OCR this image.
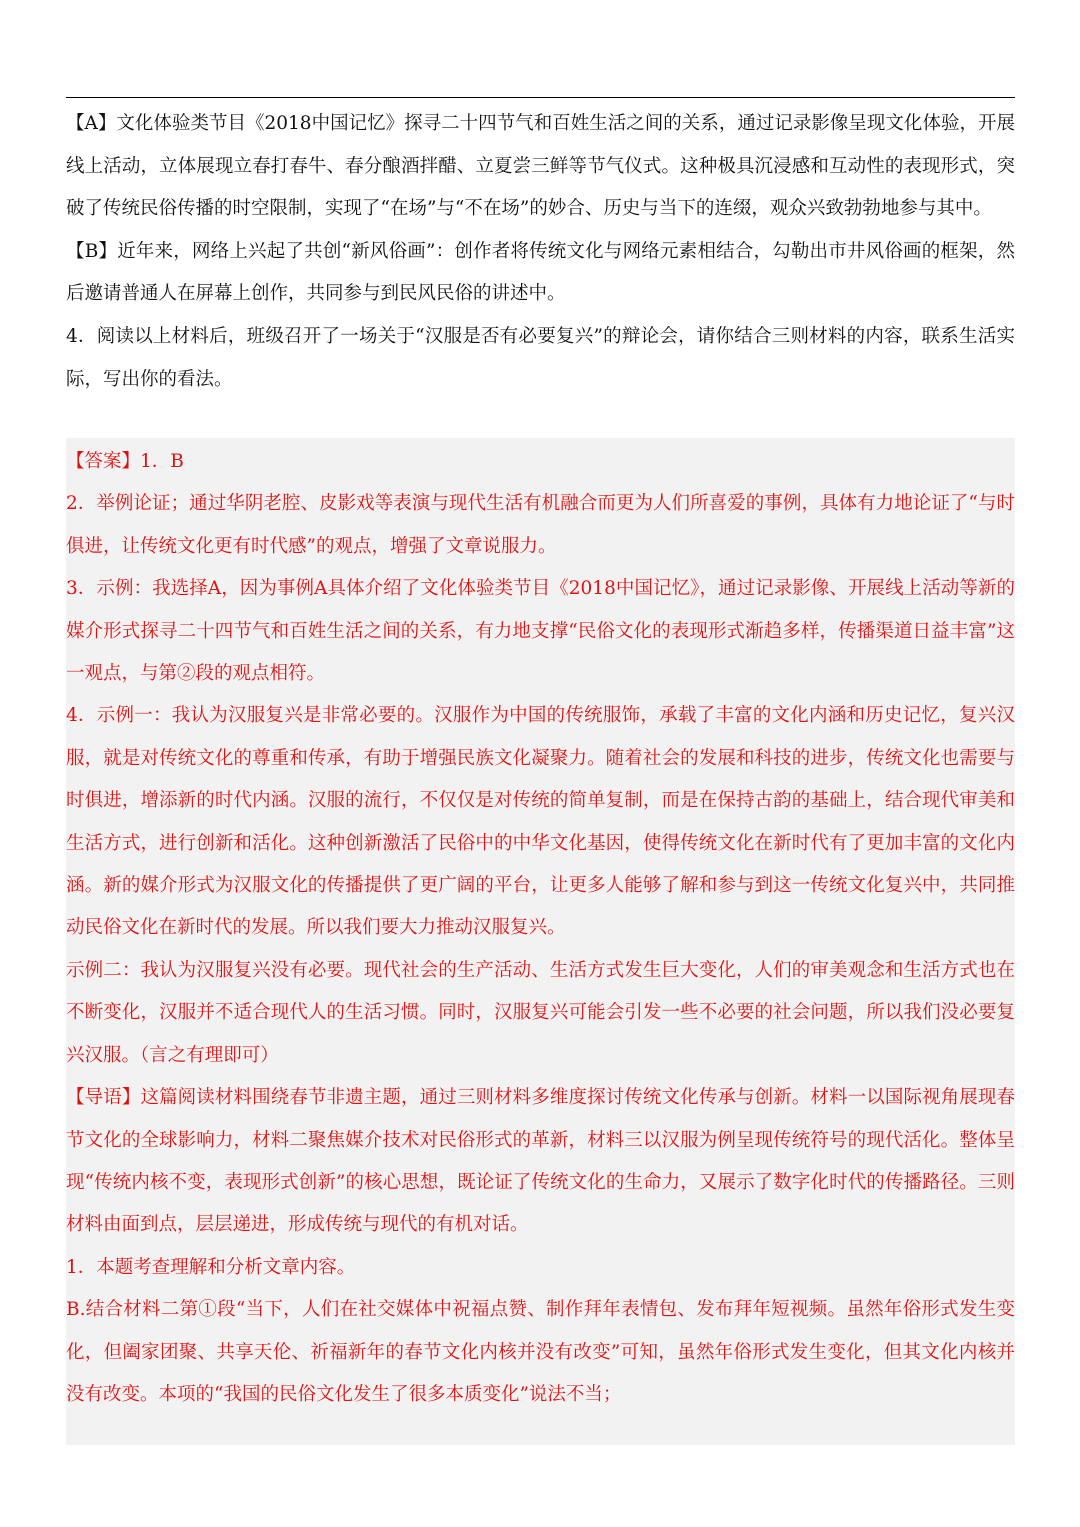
【A】文化体验类节目《2018中国记忆》探寻二十四节气和百姓生活之间的关系，通过记录影像呈现文化体验，开展线上活动，立体展现立春打春牛、春分酿酒拌醋、立夏尝三鲜等节气仪式。这种极具沉浸感和互动性的表现形式，突破了传统民俗传播的时空限制，实现了“在场”与“不在场”的妙合、历史与当下的连缀，观众兴致勃勃地参与其中。

【B】近年来，网络上兴起了共创“新风俗画”：创作者将传统文化与网络元素相结合，勾勒出市井风俗画的框架，然后邀请普通人在屏幕上创作，共同参与到民风民俗的讲述中。

4．阅读以上材料后，班级召开了一场关于“汉服是否有必要复兴”的辩论会，请你结合三则材料的内容，联系生活实际，写出你的看法。

【答案】1．B

2．举例论证；通过华阴老腔、皮影戏等表演与现代生活有机融合而更为人们所喜爱的事例，具体有力地论证了“与时俱进，让传统文化更有时代感”的观点，增强了文章说服力。

3．示例：我选择A，因为事例A具体介绍了文化体验类节目《2018中国记忆》，通过记录影像、开展线上活动等新的媒介形式探寻二十四节气和百姓生活之间的关系，有力地支撑“民俗文化的表现形式渐趋多样，传播渠道日益丰富”这一观点，与第②段的观点相符。

4．示例一：我认为汉服复兴是非常必要的。汉服作为中国的传统服饰，承载了丰富的文化内涵和历史记忆，复兴汉服，就是对传统文化的尊重和传承，有助于增强民族文化凝聚力。随着社会的发展和科技的进步，传统文化也需要与时俱进，增添新的时代内涵。汉服的流行，不仅仅是对传统的简单复制，而是在保持古韵的基础上，结合现代审美和生活方式，进行创新和活化。这种创新激活了民俗中的中华文化基因，使得传统文化在新时代有了更加丰富的文化内涵。新的媒介形式为汉服文化的传播提供了更广阔的平台，让更多人能够了解和参与到这一传统文化复兴中，共同推动民俗文化在新时代的发展。所以我们要大力推动汉服复兴。

示例二：我认为汉服复兴没有必要。现代社会的生产活动、生活方式发生巨大变化，人们的审美观念和生活方式也在不断变化，汉服并不适合现代人的生活习惯。同时，汉服复兴可能会引发一些不必要的社会问题，所以我们没必要复兴汉服。（言之有理即可）

【导语】这篇阅读材料围绕春节非遗主题，通过三则材料多维度探讨传统文化传承与创新。材料一以国际视角展现春节文化的全球影响力，材料二聚焦媒介技术对民俗形式的革新，材料三以汉服为例呈现传统符号的现代活化。整体呈现“传统内核不变，表现形式创新”的核心思想，既论证了传统文化的生命力，又展示了数字化时代的传播路径。三则材料由面到点，层层递进，形成传统与现代的有机对话。

1．本题考查理解和分析文章内容。

B.结合材料二第①段“当下，人们在社交媒体中祝福点赞、制作拜年表情包、发布拜年短视频。虽然年俗形式发生变化，但阖家团聚、共享天伦、祈福新年的春节文化内核并没有改变”可知，虽然年俗形式发生变化，但其文化内核并没有改变。本项的“我国的民俗文化发生了很多本质变化”说法不当；
